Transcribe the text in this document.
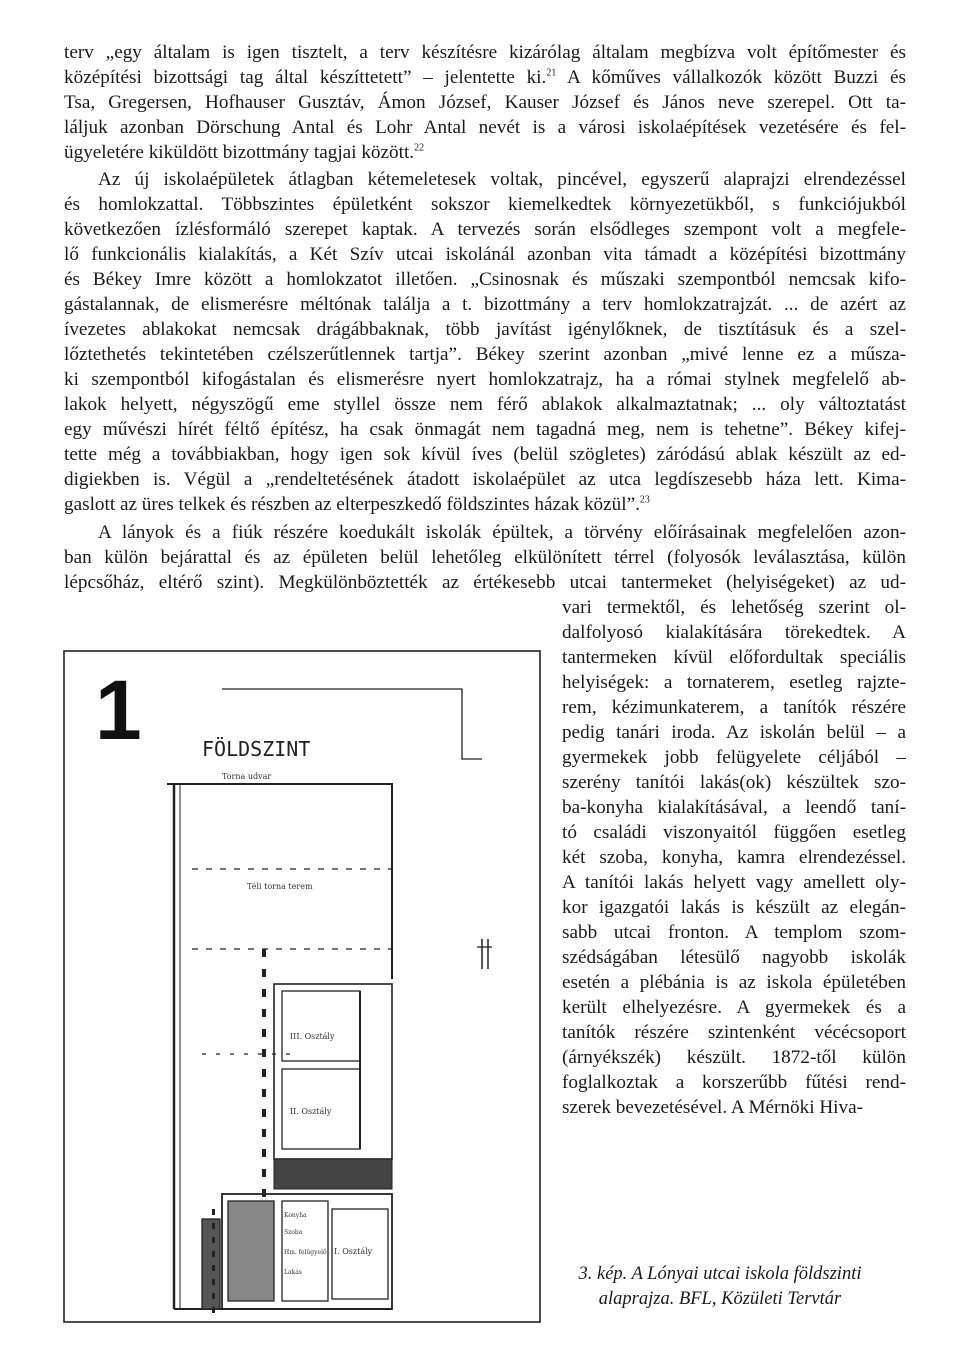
terv „egy általam is igen tisztelt, a terv készítésre kizárólag általam megbízva volt építőmester és
középítési bizottsági tag által készíttetett” – jelentette ki.$^{21}$ A kőműves vállalkozók között Buzzi és
Tsa, Gregersen, Hofhauser Gusztáv, Ámon József, Kauser József és János neve szerepel. Ott ta-
láljuk azonban Dörschung Antal és Lohr Antal nevét is a városi iskolaépítések vezetésére és fel-
ügyeletére kiküldött bizottmány tagjai között.$^{22}$
Az új iskolaépületek átlagban kétemeletesek voltak, pincével, egyszerű alaprajzi elrendezéssel
és homlokzattal. Többszintes épületként sokszor kiemelkedtek környezetükből, s funkciójukból
következően ízlésformáló szerepet kaptak. A tervezés során elsődleges szempont volt a megfele-
lő funkcionális kialakítás, a Két Szív utcai iskolánál azonban vita támadt a középítési bizottmány
és Békey Imre között a homlokzatot illetően. „Csinosnak és műszaki szempontból nemcsak kifo-
gástalannak, de elismerésre méltónak találja a t. bizottmány a terv homlokzatrajzát. ... de azért az
ívezetes ablakokat nemcsak drágábbaknak, több javítást igénylőknek, de tisztításuk és a szel-
lőztethetés tekintetében czélszerűtlennek tartja”. Békey szerint azonban „mivé lenne ez a műsza-
ki szempontból kifogástalan és elismerésre nyert homlokzatrajz, ha a római stylnek megfelelő ab-
lakok helyett, négyszögű eme styllel össze nem férő ablakok alkalmaztatnak; ... oly változtatást
egy művészi hírét féltő építész, ha csak önmagát nem tagadná meg, nem is tehetne”. Békey kifej-
tette még a továbbiakban, hogy igen sok kívül íves (belül szögletes) záródású ablak készült az ed-
digiekben is. Végül a „rendeltetésének átadott iskolaépület az utca legdíszesebb háza lett. Kima-
gaslott az üres telkek és részben az elterpeszkedő földszintes házak közül”.$^{23}$
A lányok és a fiúk részére koedukált iskolák épültek, a törvény előírásainak megfelelően azon-
ban külön bejárattal és az épületen belül lehetőleg elkülönített térrel (folyosók leválasztása, külön
lépcsőház, eltérő szint). Megkülönböztették az értékesebb utcai tantermeket (helyiségeket) az ud-
vari termektől, és lehetőség szerint ol-
dalfolyosó kialakítására törekedtek. A
tantermeken kívül előfordultak speciális
helyiségek: a tornaterem, esetleg rajzte-
rem, kézimunkaterem, a tanítók részére
pedig tanári iroda. Az iskolán belül – a
gyermekek jobb felügyelete céljából –
szerény tanítói lakás(ok) készültek szo-
ba-konyha kialakításával, a leendő taní-
tó családi viszonyaitól függően esetleg
két szoba, konyha, kamra elrendezéssel.
A tanítói lakás helyett vagy amellett oly-
kor igazgatói lakás is készült az elegán-
sabb utcai fronton. A templom szom-
szédságában létesülő nagyobb iskolák
esetén a plébánia is az iskola épületében
került elhelyezésre. A gyermekek és a
tanítók részére szintenként vécécsoport
(árnyékszék) készült. 1872-től külön
foglalkoztak a korszerűbb fűtési rend-
szerek bevezetésével. A Mérnöki Hiva-
FÖLDSZINT
Torna udvar
Téli torna terem
III. Osztály
II. Osztály
I. Osztály
Konyha
Szoba
Hm. felügyelő
Lakás
1
3. kép. A Lónyai utcai iskola földszinti
alaprajza. BFL, Közületi Tervtár
